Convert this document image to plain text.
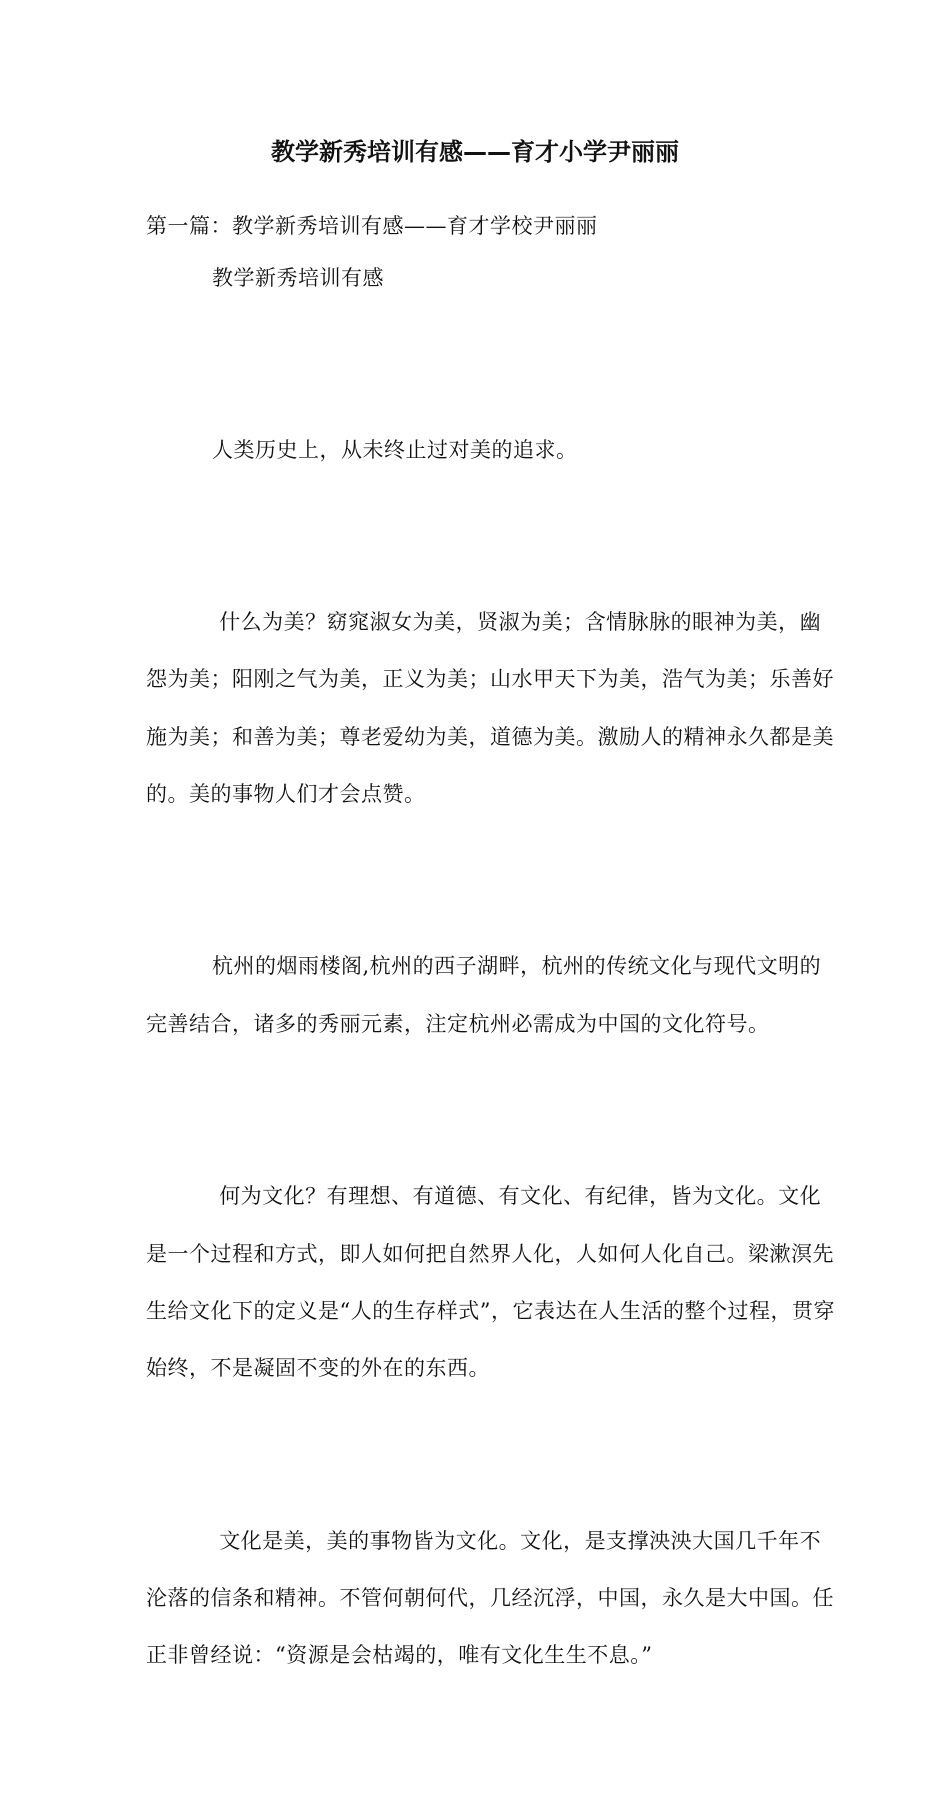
教学新秀培训有感——育才小学尹丽丽
第一篇：教学新秀培训有感——育才学校尹丽丽
教学新秀培训有感

人类历史上，从未终止过对美的追求。

什么为美？窈窕淑女为美，贤淑为美；含情脉脉的眼神为美，幽怨为美；阳刚之气为美，正义为美；山水甲天下为美，浩气为美；乐善好施为美；和善为美；尊老爱幼为美，道德为美。激励人的精神永久都是美的。美的事物人们才会点赞。

杭州的烟雨楼阁,杭州的西子湖畔，杭州的传统文化与现代文明的完善结合，诸多的秀丽元素，注定杭州必需成为中国的文化符号。

何为文化？有理想、有道德、有文化、有纪律，皆为文化。文化是一个过程和方式，即人如何把自然界人化，人如何人化自己。梁漱溟先生给文化下的定义是“人的生存样式”，它表达在人生活的整个过程，贯穿始终，不是凝固不变的外在的东西。

文化是美，美的事物皆为文化。文化，是支撑泱泱大国几千年不沦落的信条和精神。不管何朝何代，几经沉浮，中国，永久是大中国。任正非曾经说：“资源是会枯竭的，唯有文化生生不息。”
